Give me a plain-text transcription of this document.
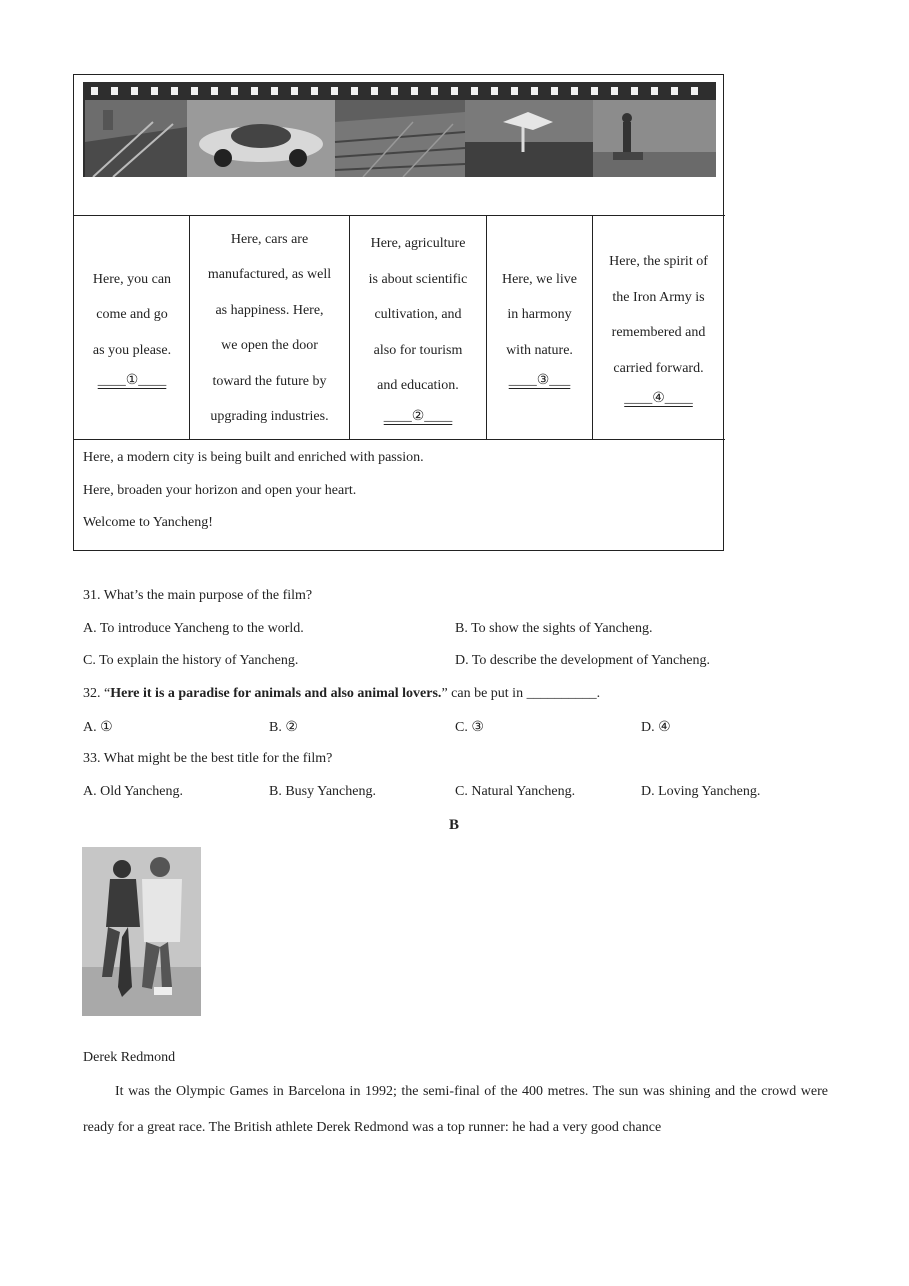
Here, you can
come and go
as you please.
____①____
Here, cars are
manufactured, as well
as happiness. Here,
we open the door
toward the future by
upgrading industries.
Here, agriculture
is about scientific
cultivation, and
also for tourism
and education.
____②____
Here, we live
in harmony
with nature.
____③___
Here, the spirit of
the Iron Army is
remembered and
carried forward.
____④____
Here, a modern city is being built and enriched with passion.
Here, broaden your horizon and open your heart.
Welcome to Yancheng!
31. What’s the main purpose of the film?
A. To introduce Yancheng to the world.	B. To show the sights of Yancheng.
C. To explain the history of Yancheng.	D. To describe the development of Yancheng.
32. “Here it is a paradise for animals and also animal lovers.” can be put in __________.
A. ①	B. ②	C. ③	D. ④
33. What might be the best title for the film?
A. Old Yancheng.	B. Busy Yancheng.	C. Natural Yancheng.	D. Loving Yancheng.
B
Derek Redmond
It was the Olympic Games in Barcelona in 1992; the semi-final of the 400 metres. The sun was shining and the crowd were ready for a great race. The British athlete Derek Redmond was a top runner: he had a very good chance
